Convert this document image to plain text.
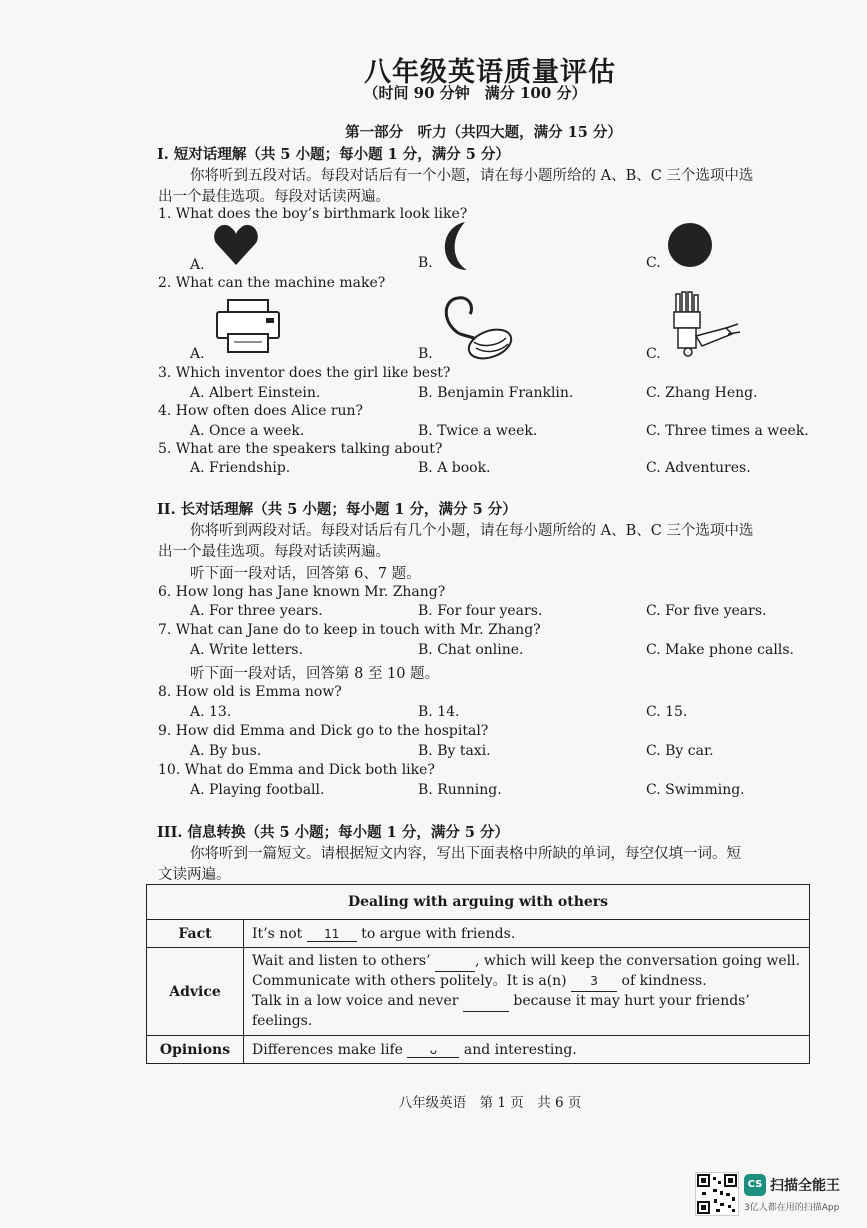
八年级英语质量评估
（时间 90 分钟　满分 100 分）
第一部分　听力（共四大题，满分 15 分）
I. 短对话理解（共 5 小题；每小题 1 分，满分 5 分）
你将听到五段对话。每段对话后有一个小题，请在每小题所给的 A、B、C 三个选项中选
出一个最佳选项。每段对话读两遍。
1. What does the boy’s birthmark look like?
A.	B.	C.
2. What can the machine make?
A.	B.	C.
3. Which inventor does the girl like best?
A. Albert Einstein.	B. Benjamin Franklin.	C. Zhang Heng.
4. How often does Alice run?
A. Once a week.	B. Twice a week.	C. Three times a week.
5. What are the speakers talking about?
A. Friendship.	B. A book.	C. Adventures.
II. 长对话理解（共 5 小题；每小题 1 分，满分 5 分）
你将听到两段对话。每段对话后有几个小题，请在每小题所给的 A、B、C 三个选项中选
出一个最佳选项。每段对话读两遍。
听下面一段对话，回答第 6、7 题。
6. How long has Jane known Mr. Zhang?
A. For three years.	B. For four years.	C. For five years.
7. What can Jane do to keep in touch with Mr. Zhang?
A. Write letters.	B. Chat online.	C. Make phone calls.
听下面一段对话，回答第 8 至 10 题。
8. How old is Emma now?
A. 13.	B. 14.	C. 15.
9. How did Emma and Dick go to the hospital?
A. By bus.	B. By taxi.	C. By car.
10. What do Emma and Dick both like?
A. Playing football.	B. Running.	C. Swimming.
III. 信息转换（共 5 小题；每小题 1 分，满分 5 分）
你将听到一篇短文。请根据短文内容，写出下面表格中所缺的单词，每空仅填一词。短
文读两遍。
Dealing with arguing with others	
Fact	It’s not 11 to argue with friends.
Advice	Wait and listen to others’ , which will keep the conversation going well.
Communicate with others politely。It is a(n) 3 of kindness.
Talk in a low voice and never because it may hurt your friends’ feelings.

Opinions	Differences make life ᴗ and interesting.
八年级英语　第 1 页　共 6 页
CS 扫描全能王
3亿人都在用的扫描App
